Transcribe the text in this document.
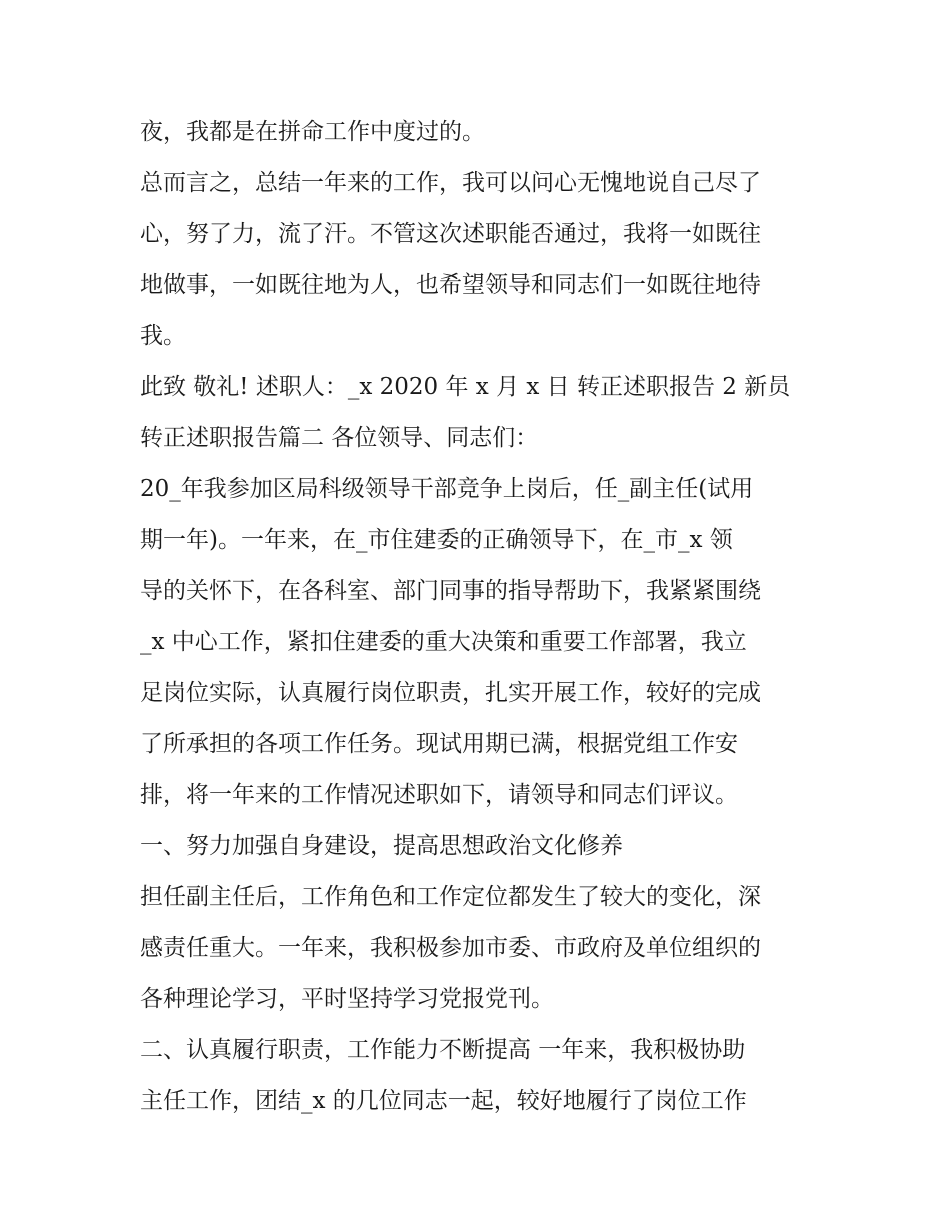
夜，我都是在拼命工作中度过的。
总而言之，总结一年来的工作，我可以问心无愧地说自己尽了
心，努了力，流了汗。不管这次述职能否通过，我将一如既往
地做事，一如既往地为人，也希望领导和同志们一如既往地待
我。
此致 敬礼! 述职人：_x 2020 年 x 月 x 日 转正述职报告 2 新员
转正述职报告篇二 各位领导、同志们：
20_年我参加区局科级领导干部竞争上岗后，任_副主任(试用
期一年)。一年来，在_市住建委的正确领导下，在_市_x 领
导的关怀下，在各科室、部门同事的指导帮助下，我紧紧围绕
_x 中心工作，紧扣住建委的重大决策和重要工作部署，我立
足岗位实际，认真履行岗位职责，扎实开展工作，较好的完成
了所承担的各项工作任务。现试用期已满，根据党组工作安
排，将一年来的工作情况述职如下，请领导和同志们评议。
一、努力加强自身建设，提高思想政治文化修养
担任副主任后，工作角色和工作定位都发生了较大的变化，深
感责任重大。一年来，我积极参加市委、市政府及单位组织的
各种理论学习，平时坚持学习党报党刊。
二、认真履行职责，工作能力不断提高 一年来，我积极协助
主任工作，团结_x 的几位同志一起，较好地履行了岗位工作
